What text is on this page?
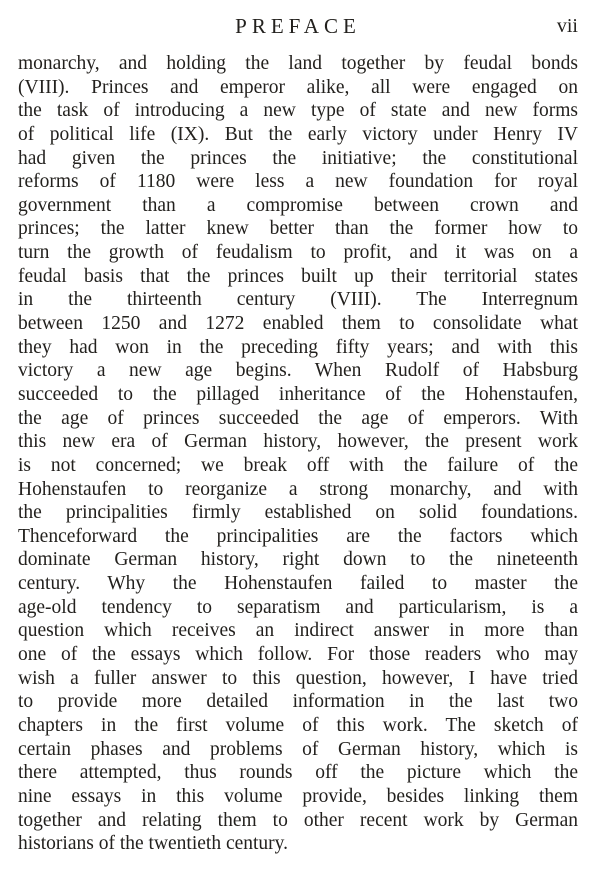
PREFACE	vii
monarchy, and holding the land together by feudal bonds
(VIII). Princes and emperor alike, all were engaged on
the task of introducing a new type of state and new forms
of political life (IX). But the early victory under Henry IV
had given the princes the initiative; the constitutional
reforms of 1180 were less a new foundation for royal
government than a compromise between crown and
princes; the latter knew better than the former how to
turn the growth of feudalism to profit, and it was on a
feudal basis that the princes built up their territorial states
in the thirteenth century (VIII). The Interregnum
between 1250 and 1272 enabled them to consolidate what
they had won in the preceding fifty years; and with this
victory a new age begins. When Rudolf of Habsburg
succeeded to the pillaged inheritance of the Hohenstaufen,
the age of princes succeeded the age of emperors. With
this new era of German history, however, the present work
is not concerned; we break off with the failure of the
Hohenstaufen to reorganize a strong monarchy, and with
the principalities firmly established on solid foundations.
Thenceforward the principalities are the factors which
dominate German history, right down to the nineteenth
century. Why the Hohenstaufen failed to master the
age-old tendency to separatism and particularism, is a
question which receives an indirect answer in more than
one of the essays which follow. For those readers who may
wish a fuller answer to this question, however, I have tried
to provide more detailed information in the last two
chapters in the first volume of this work. The sketch of
certain phases and problems of German history, which is
there attempted, thus rounds off the picture which the
nine essays in this volume provide, besides linking them
together and relating them to other recent work by German
historians of the twentieth century.
